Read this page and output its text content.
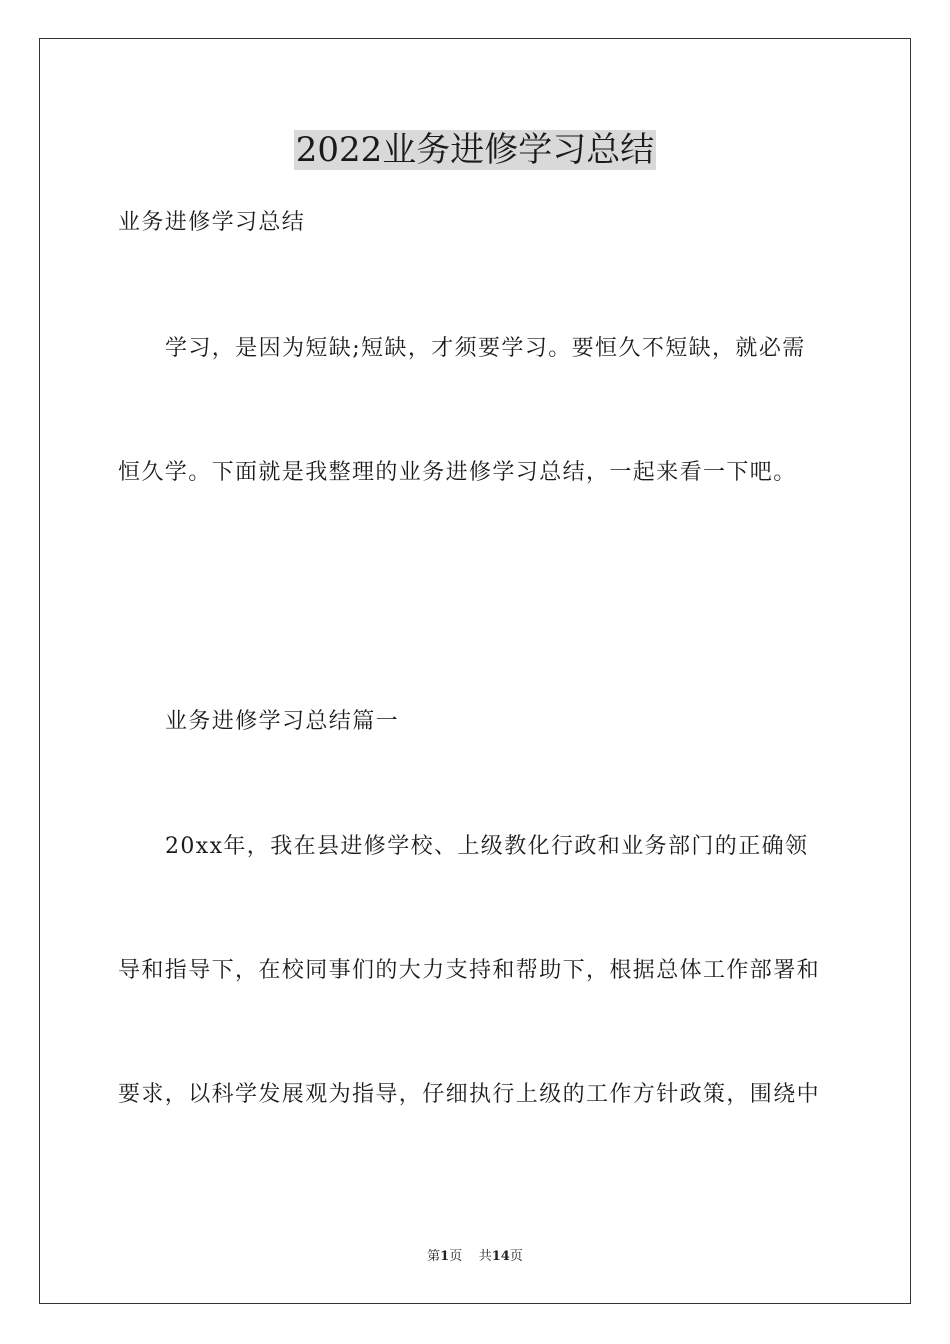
2022业务进修学习总结
业务进修学习总结
学习，是因为短缺;短缺，才须要学习。要恒久不短缺，就必需
恒久学。下面就是我整理的业务进修学习总结，一起来看一下吧。
业务进修学习总结篇一
20xx年，我在县进修学校、上级教化行政和业务部门的正确领
导和指导下，在校同事们的大力支持和帮助下，根据总体工作部署和
要求，以科学发展观为指导，仔细执行上级的工作方针政策，围绕中
第1页 共14页
